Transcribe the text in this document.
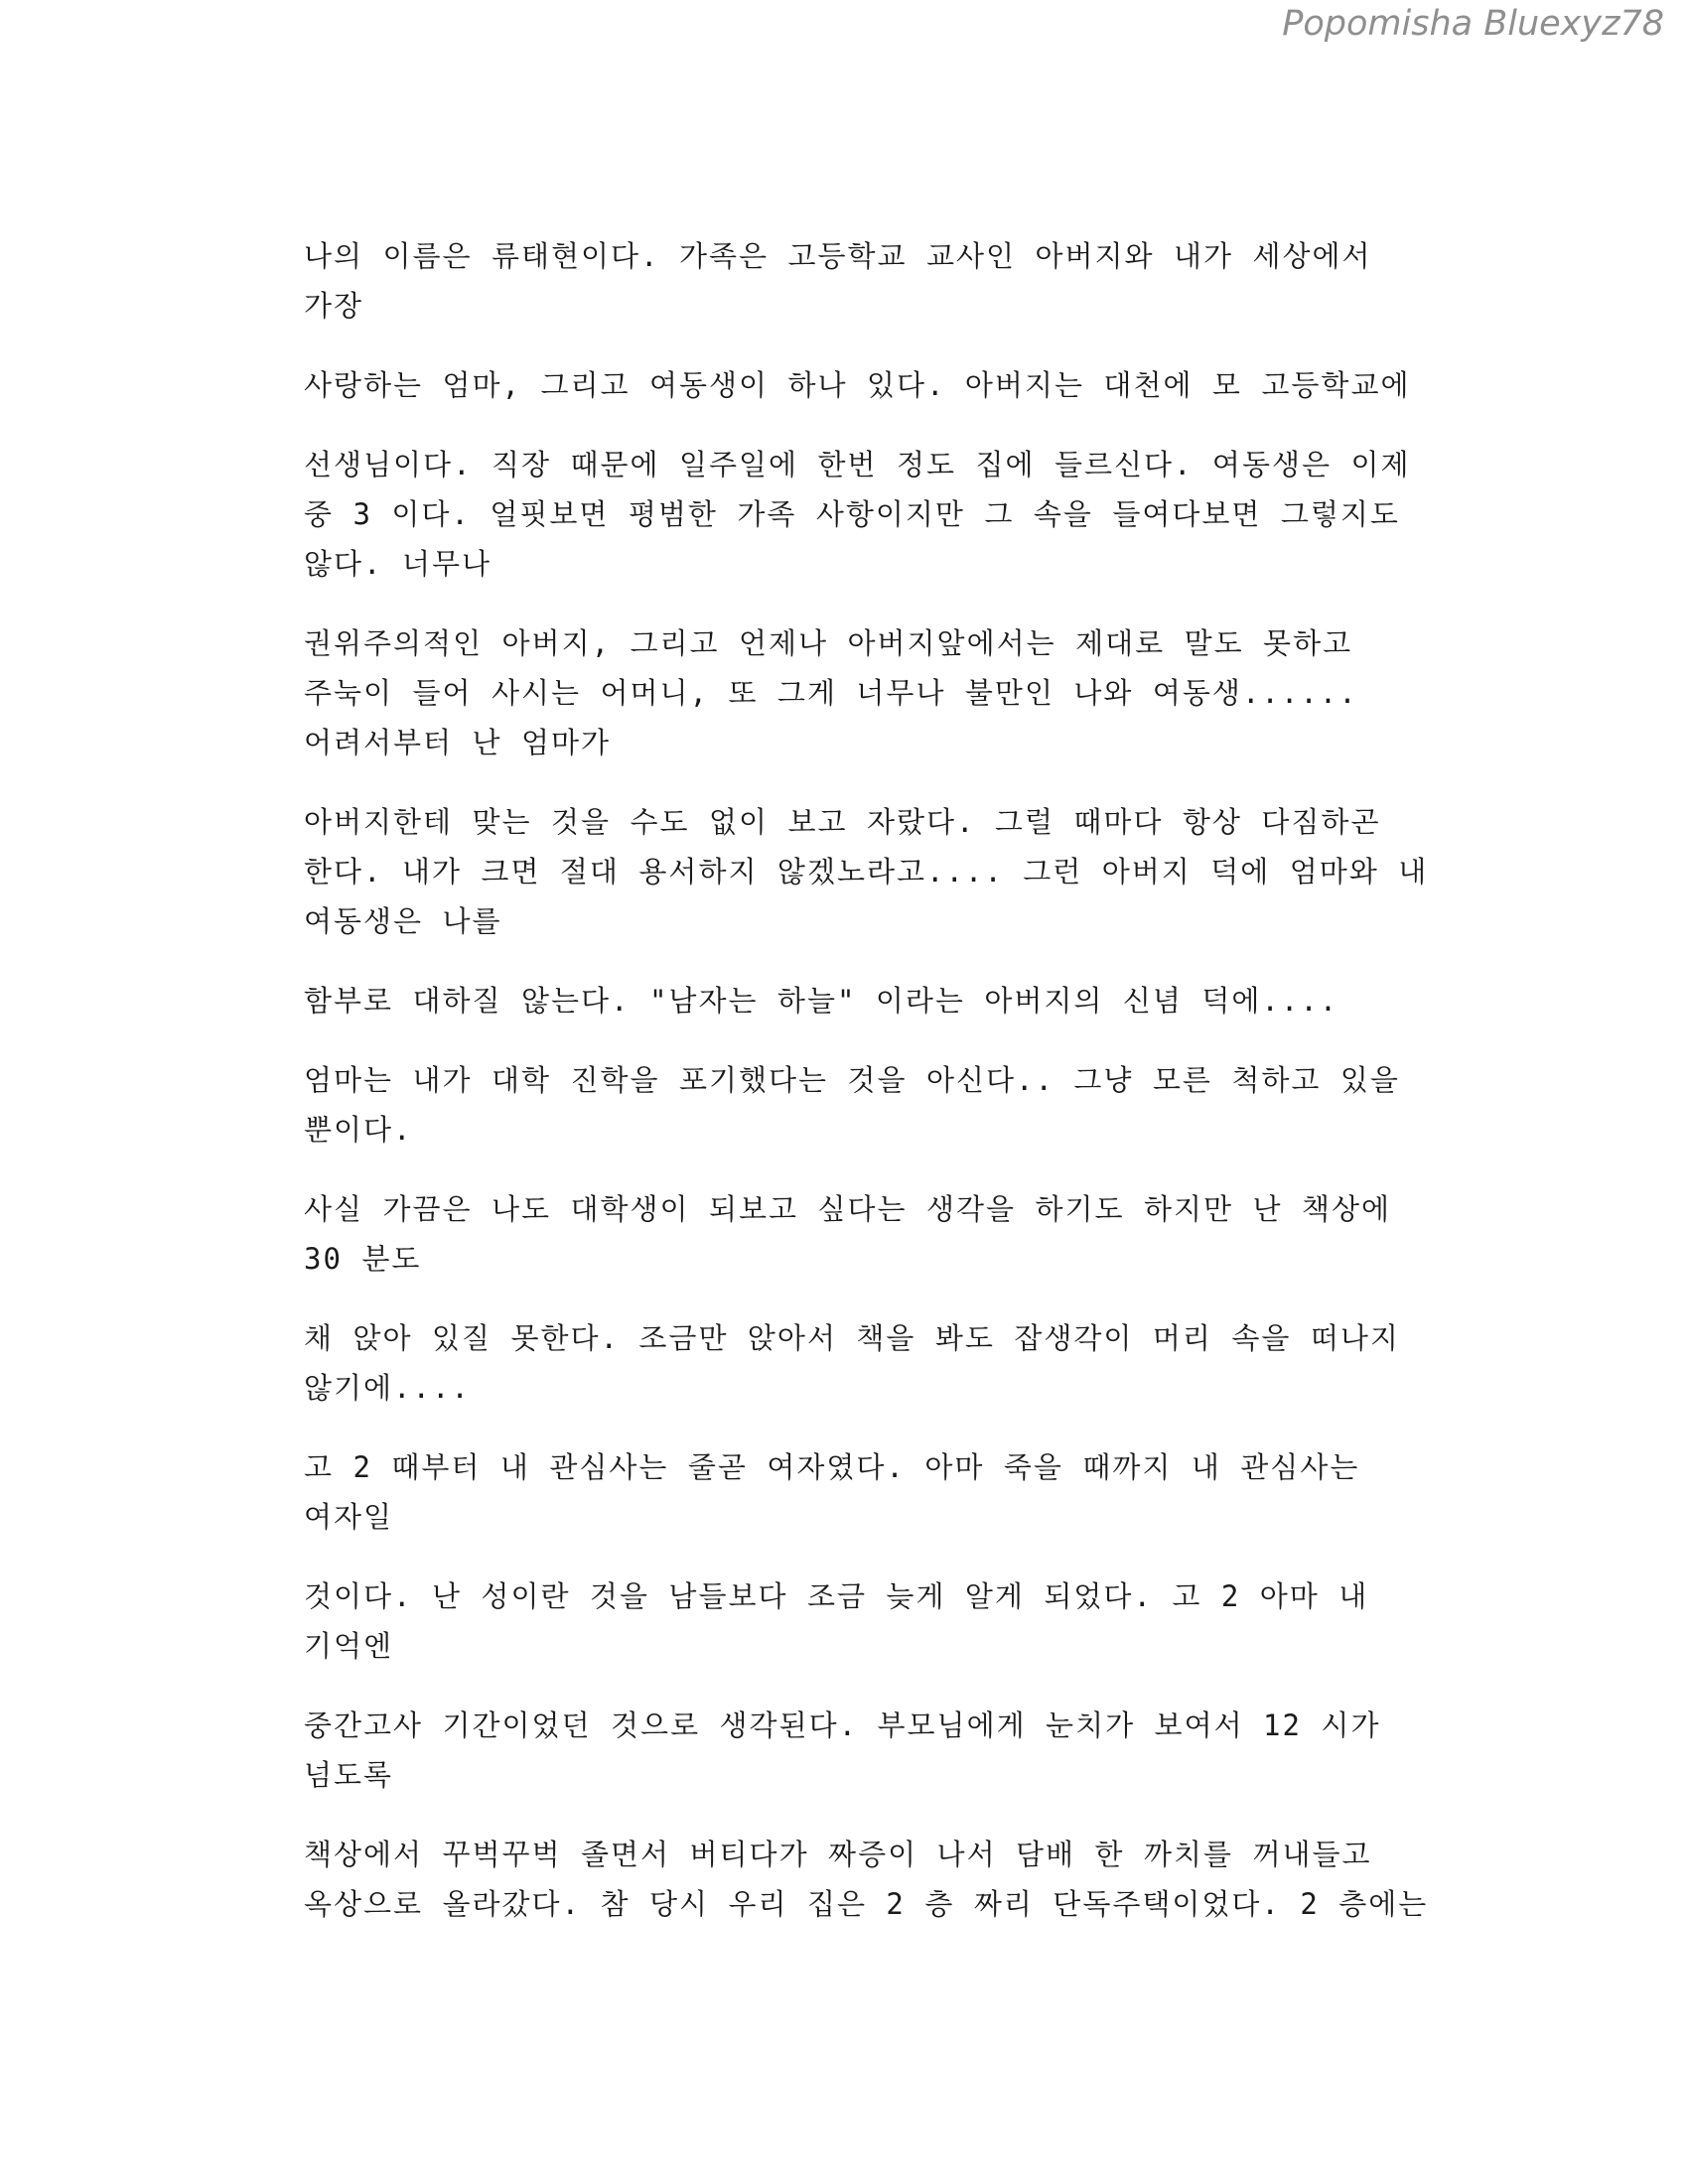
Popomisha Bluexyz78
나의 이름은 류태현이다. 가족은 고등학교 교사인 아버지와 내가 세상에서
가장
사랑하는 엄마, 그리고 여동생이 하나 있다. 아버지는 대천에 모 고등학교에
선생님이다. 직장 때문에 일주일에 한번 정도 집에 들르신다. 여동생은 이제
중 3 이다. 얼핏보면 평범한 가족 사항이지만 그 속을 들여다보면 그렇지도
않다. 너무나
권위주의적인 아버지, 그리고 언제나 아버지앞에서는 제대로 말도 못하고
주눅이 들어 사시는 어머니, 또 그게 너무나 불만인 나와 여동생......
어려서부터 난 엄마가
아버지한테 맞는 것을 수도 없이 보고 자랐다. 그럴 때마다 항상 다짐하곤
한다. 내가 크면 절대 용서하지 않겠노라고.... 그런 아버지 덕에 엄마와 내
여동생은 나를
함부로 대하질 않는다. "남자는 하늘" 이라는 아버지의 신념 덕에....
엄마는 내가 대학 진학을 포기했다는 것을 아신다.. 그냥 모른 척하고 있을
뿐이다.
사실 가끔은 나도 대학생이 되보고 싶다는 생각을 하기도 하지만 난 책상에
30 분도
채 앉아 있질 못한다. 조금만 앉아서 책을 봐도 잡생각이 머리 속을 떠나지
않기에....
고 2 때부터 내 관심사는 줄곧 여자였다. 아마 죽을 때까지 내 관심사는
여자일
것이다. 난 성이란 것을 남들보다 조금 늦게 알게 되었다. 고 2 아마 내
기억엔
중간고사 기간이었던 것으로 생각된다. 부모님에게 눈치가 보여서 12 시가
넘도록
책상에서 꾸벅꾸벅 졸면서 버티다가 짜증이 나서 담배 한 까치를 꺼내들고
옥상으로 올라갔다. 참 당시 우리 집은 2 층 짜리 단독주택이었다. 2 층에는
